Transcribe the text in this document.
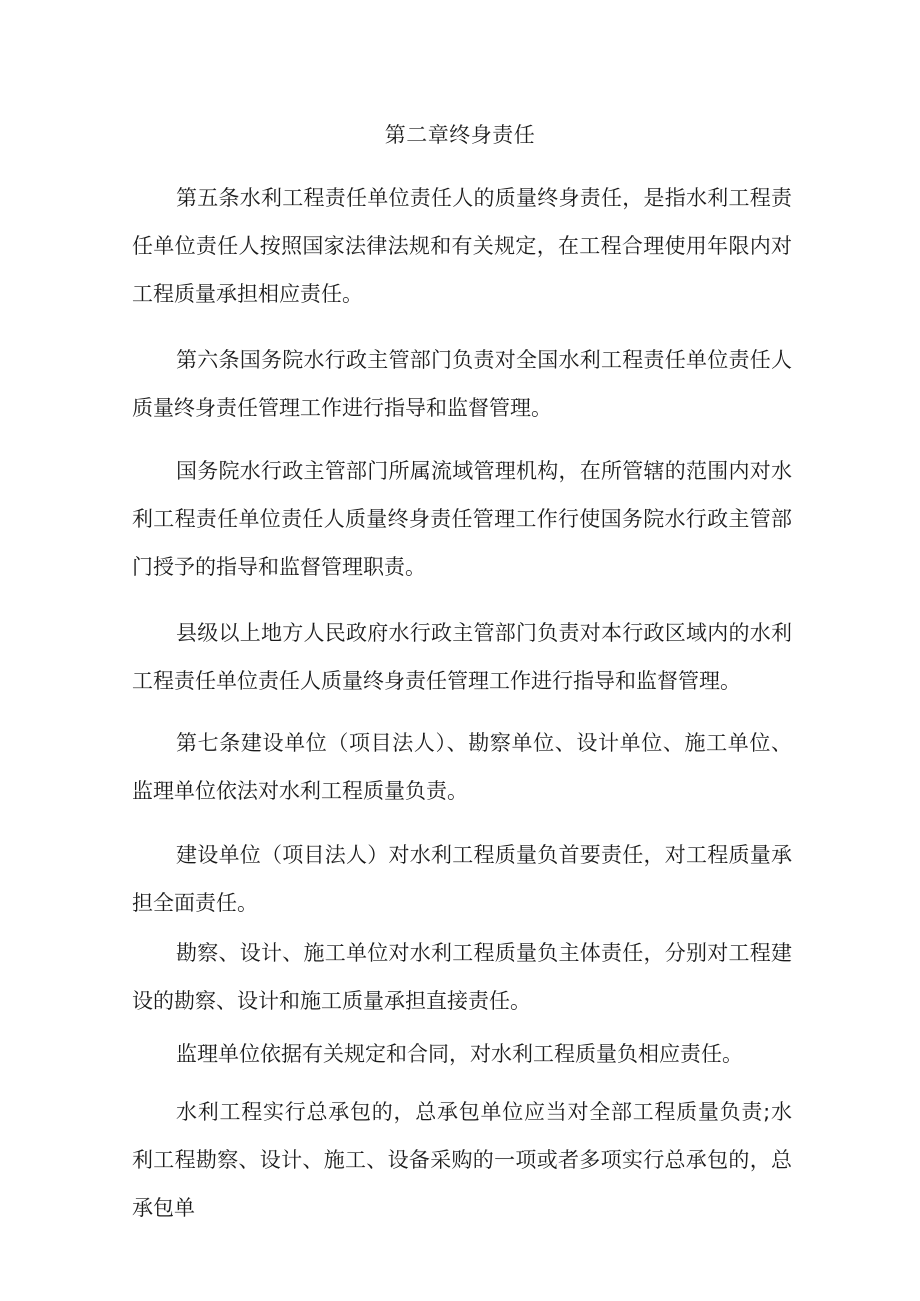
第二章终身责任

第五条水利工程责任单位责任人的质量终身责任，是指水利工程责任单位责任人按照国家法律法规和有关规定，在工程合理使用年限内对工程质量承担相应责任。

第六条国务院水行政主管部门负责对全国水利工程责任单位责任人质量终身责任管理工作进行指导和监督管理。

国务院水行政主管部门所属流域管理机构，在所管辖的范围内对水利工程责任单位责任人质量终身责任管理工作行使国务院水行政主管部门授予的指导和监督管理职责。

县级以上地方人民政府水行政主管部门负责对本行政区域内的水利工程责任单位责任人质量终身责任管理工作进行指导和监督管理。

第七条建设单位（项目法人）、勘察单位、设计单位、施工单位、监理单位依法对水利工程质量负责。

建设单位（项目法人）对水利工程质量负首要责任，对工程质量承担全面责任。

勘察、设计、施工单位对水利工程质量负主体责任，分别对工程建设的勘察、设计和施工质量承担直接责任。

监理单位依据有关规定和合同，对水利工程质量负相应责任。

水利工程实行总承包的，总承包单位应当对全部工程质量负责;水利工程勘察、设计、施工、设备采购的一项或者多项实行总承包的，总承包单
